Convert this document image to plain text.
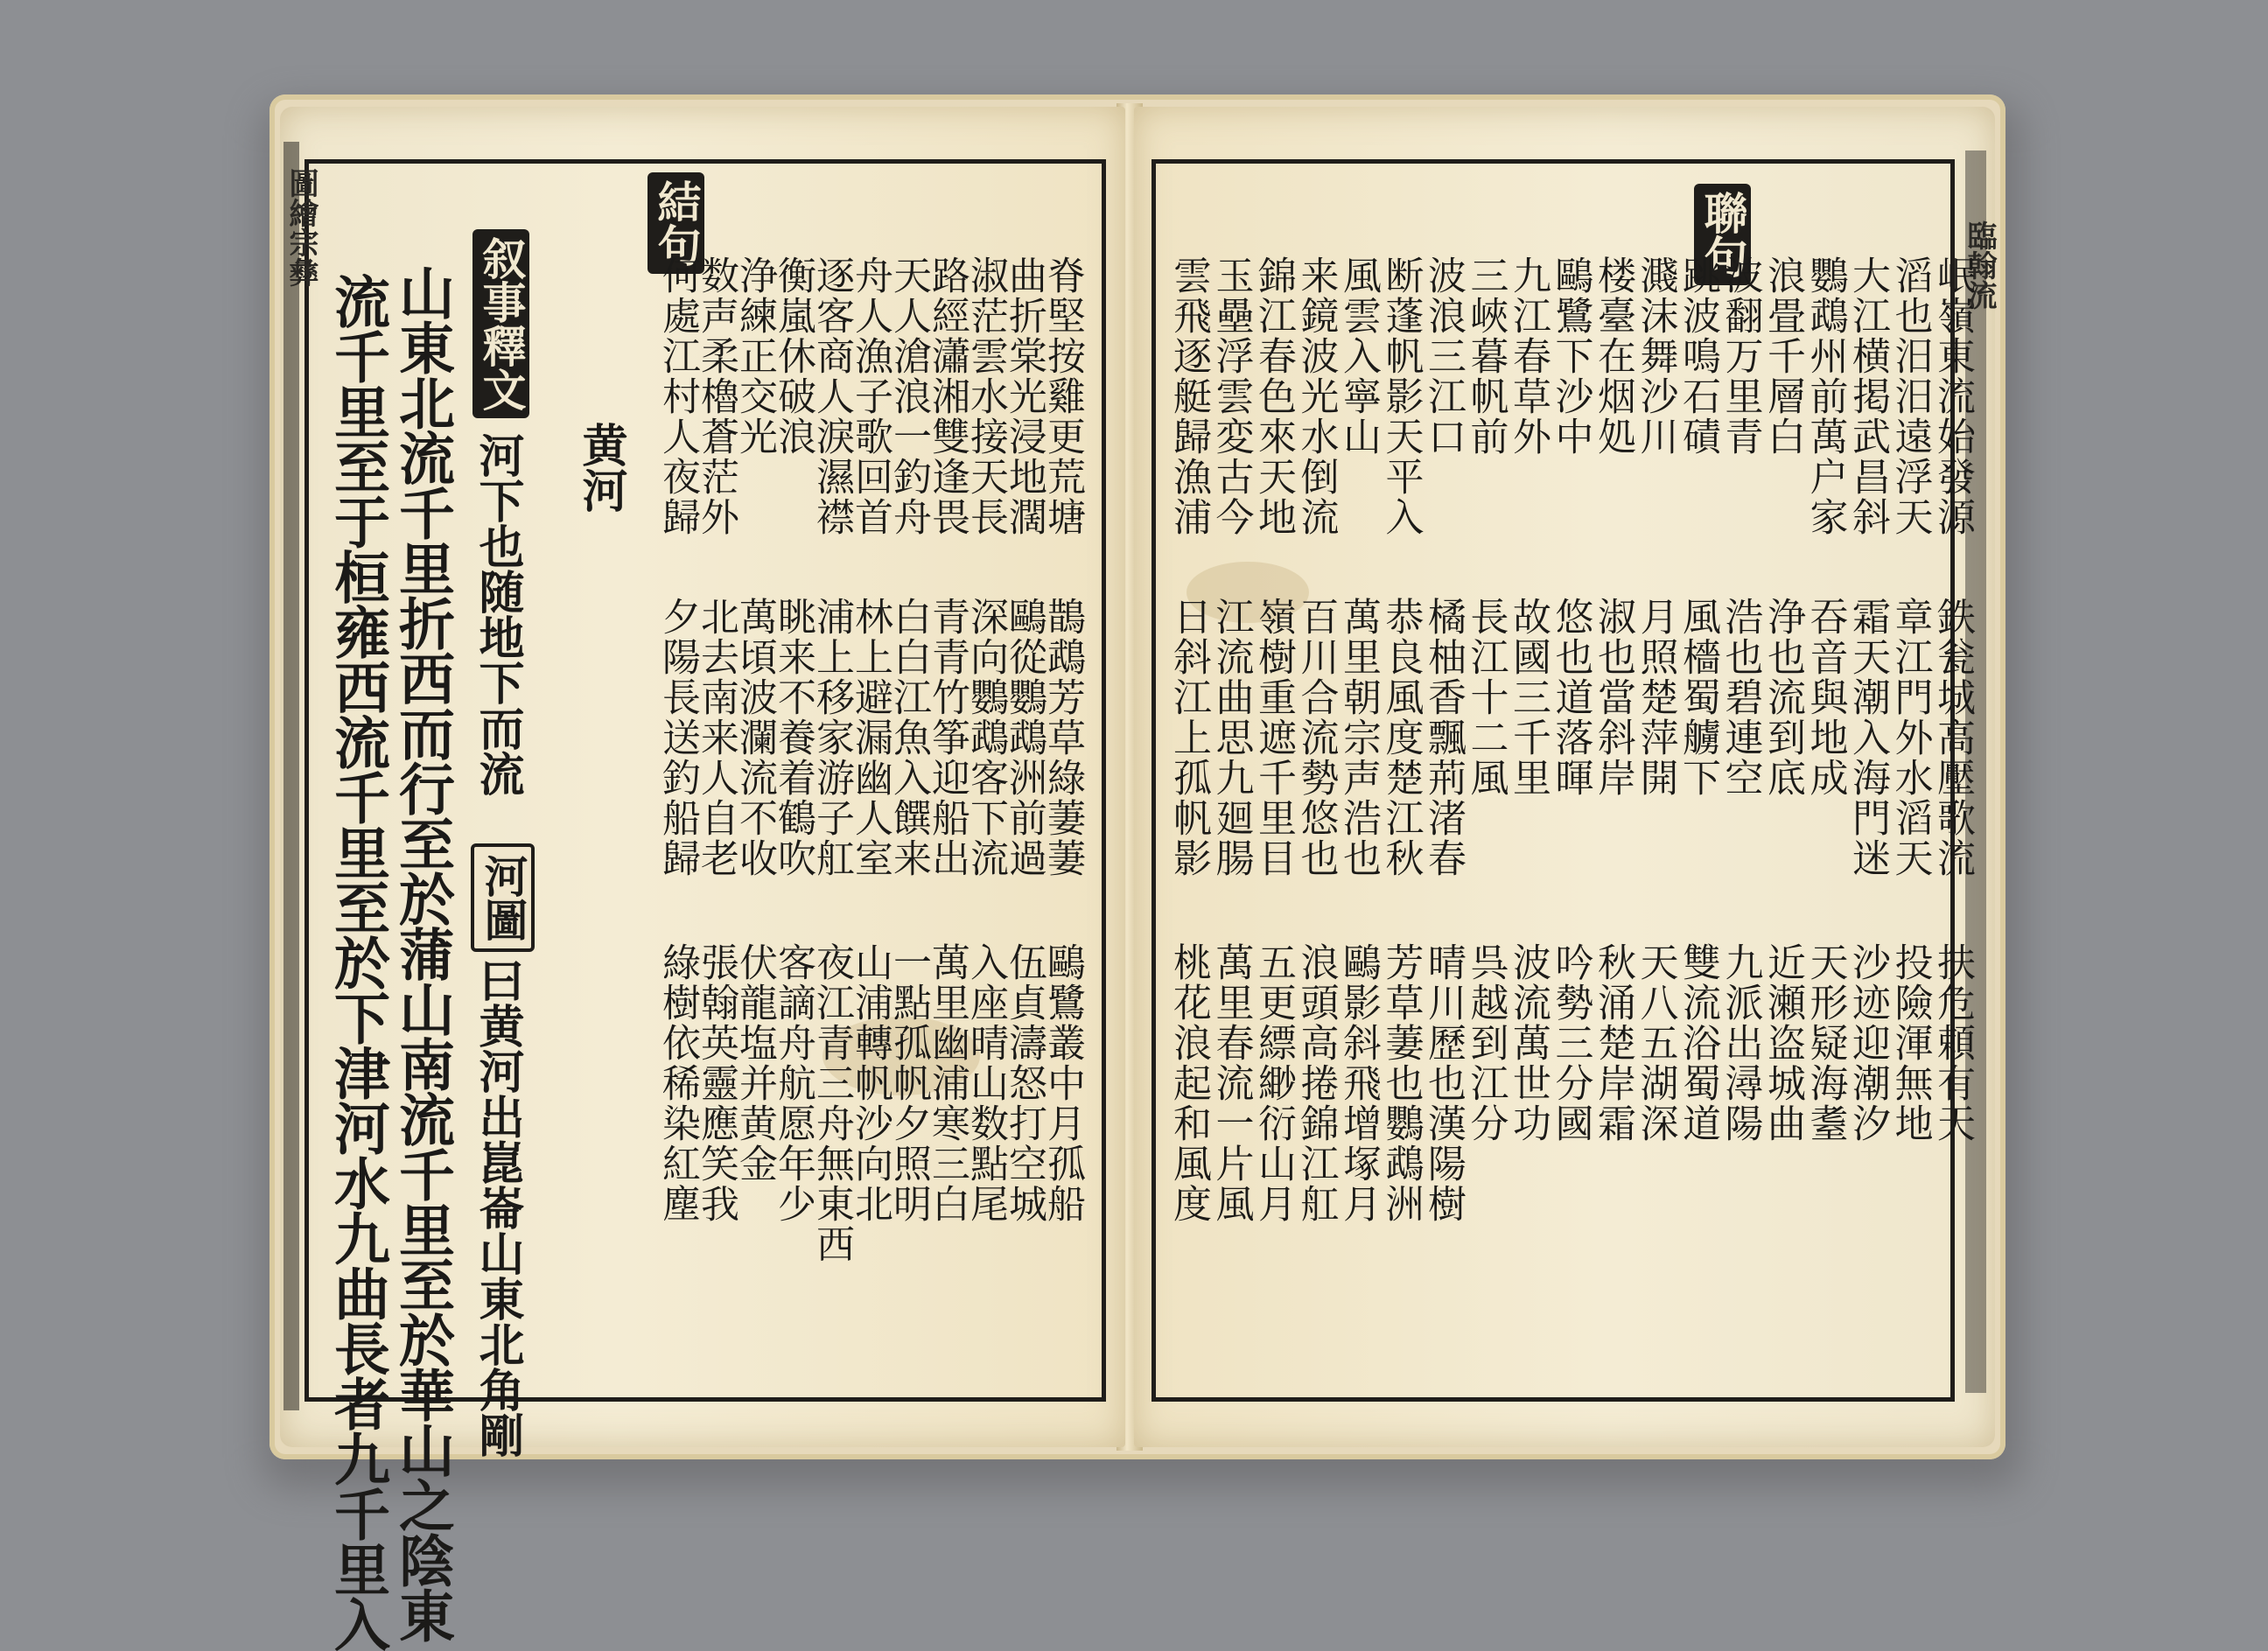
圖繪宗彝
流千里至于桓雍西流千里至於下津河水九曲長者九千里入 山東北流千里折西而行至於蒲山南流千里至於華山之陰東 叙事釋文
河下也随地下而流
河圖
曰黄河出崑崙山東北角剛
黄河
結句
何處江村人夜歸
夕陽長送釣船歸
綠樹依稀染紅塵
数声柔櫓蒼茫外
北去南来人自老
張翰英靈應笑我
浄練正交光
萬頃波瀾流不收
伏龍塩并黄金
衡嵐休破浪
眺来不養着鶴吹
客謫舟航愿年少
逐客商人淚濕襟
浦上移家游子舡
夜江青三舟無東西
舟人漁子歌回首
林上避漏幽人室
山浦轉帆沙向北
天人滄浪一釣舟
白白江魚入饌来
一點孤帆夕照明
路經瀟湘雙逢畏
青青竹筝迎船出
萬里幽浦寒三白
淑茫雲水接天長
深向鸚鵡客下流
入座晴山数點尾
曲折棠光浸地濶
鷗從鸚鵡洲前過
伍貞濤怒打空城
脊堅按雞更荒塘
鵲鵡芳草綠萋萋
鷗鷺叢中月孤船
臨翰流
聯句
雲飛逐艇歸漁浦
日斜江上孤帆影
桃花浪起和風度
玉壘浮雲変古今
江流曲思九廻腸
萬里春流一片風
錦江春色來天地
嶺樹重遮千里目
五更縹緲衍山月
来鏡波光水倒流
百川合流勢悠也
浪頭高捲錦江舡
風雲入寧山
萬里朝宗声浩也
鷗影斜飛增塚月
断蓬帆影天平入
恭良風度楚江秋
芳草萋也鸚鵡洲
波浪三江口
橘柚香飄荊渚春
晴川歷也漢陽樹
三峽暮帆前
長江十二風
呉越到江分
九江春草外
故國三千里
波流萬世功
鷗鷺下沙中
悠也道落暉
吟勢三分國
楼臺在烟処
淑也當斜岸
秋涌楚岸霜
濺沫舞沙川
月照楚萍開
天八五湖深
跳波鳴石磧
風檣蜀艣下
雙流浴蜀道
波翻万里青
浩也碧連空
九派出潯陽
浪畳千層白
浄也流到底
近瀬盗城曲
鸚鵡州前萬户家
吞音與地成
天形疑海耋
大江横掲武昌斜
霜天潮入海門迷
沙迹迎潮汐
滔也汨汨遠浮天
章江門外水滔天
投險渾無地
岷嶺東流始發源
鉄瓮城高壓歌流
扶危頼有天
